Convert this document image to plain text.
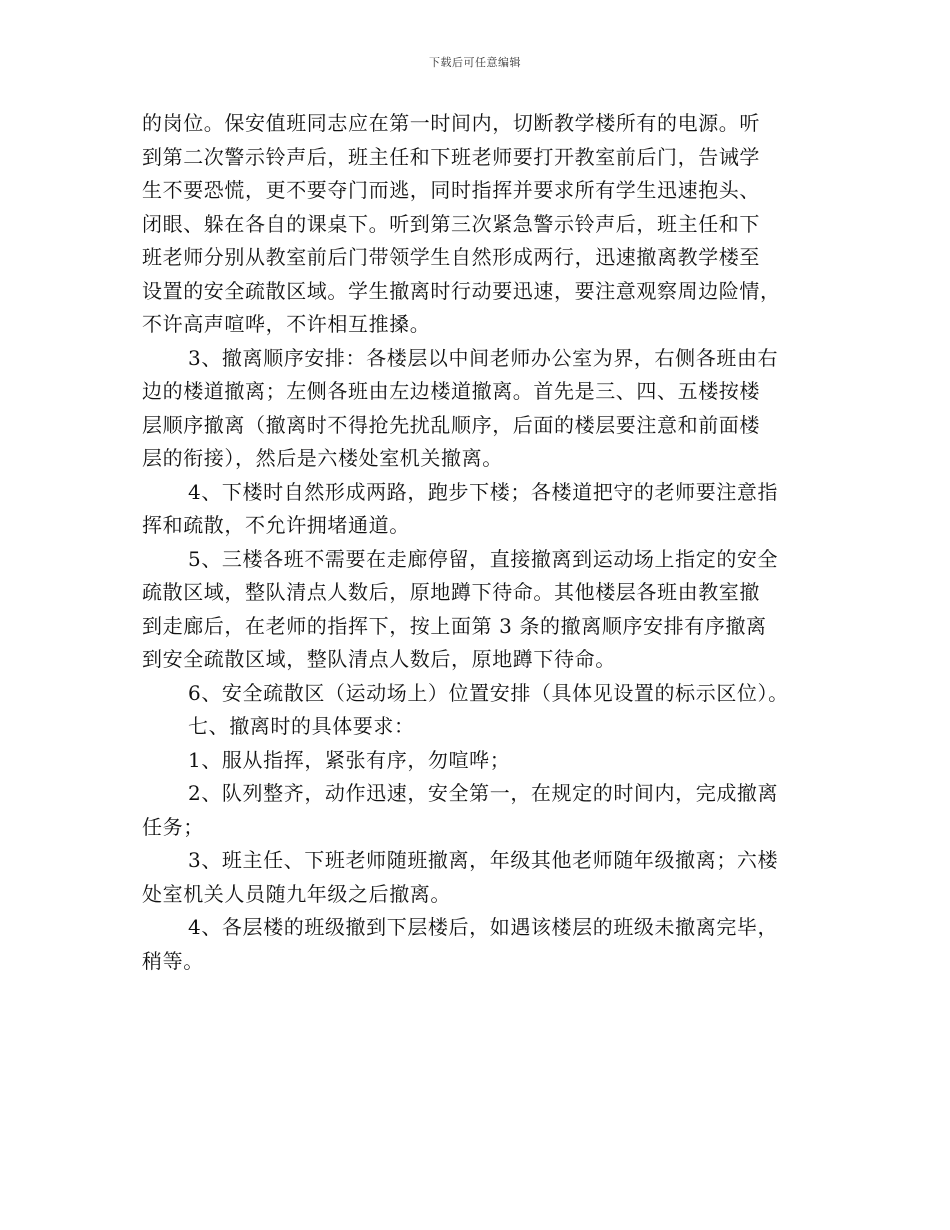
下载后可任意编辑
的岗位。保安值班同志应在第一时间内，切断教学楼所有的电源。听
到第二次警示铃声后，班主任和下班老师要打开教室前后门，告诫学
生不要恐慌，更不要夺门而逃，同时指挥并要求所有学生迅速抱头、
闭眼、躲在各自的课桌下。听到第三次紧急警示铃声后，班主任和下
班老师分别从教室前后门带领学生自然形成两行，迅速撤离教学楼至
设置的安全疏散区域。学生撤离时行动要迅速，要注意观察周边险情，
不许高声喧哗，不许相互推搡。
3、撤离顺序安排：各楼层以中间老师办公室为界，右侧各班由右
边的楼道撤离；左侧各班由左边楼道撤离。首先是三、四、五楼按楼
层顺序撤离（撤离时不得抢先扰乱顺序，后面的楼层要注意和前面楼
层的衔接），然后是六楼处室机关撤离。
4、下楼时自然形成两路，跑步下楼；各楼道把守的老师要注意指
挥和疏散，不允许拥堵通道。
5、三楼各班不需要在走廊停留，直接撤离到运动场上指定的安全
疏散区域，整队清点人数后，原地蹲下待命。其他楼层各班由教室撤
到走廊后，在老师的指挥下，按上面第 3 条的撤离顺序安排有序撤离
到安全疏散区域，整队清点人数后，原地蹲下待命。
6、安全疏散区（运动场上）位置安排（具体见设置的标示区位）。
七、撤离时的具体要求：
1、服从指挥，紧张有序，勿喧哗；
2、队列整齐，动作迅速，安全第一，在规定的时间内，完成撤离
任务；
3、班主任、下班老师随班撤离，年级其他老师随年级撤离；六楼
处室机关人员随九年级之后撤离。
4、各层楼的班级撤到下层楼后，如遇该楼层的班级未撤离完毕，
稍等。
